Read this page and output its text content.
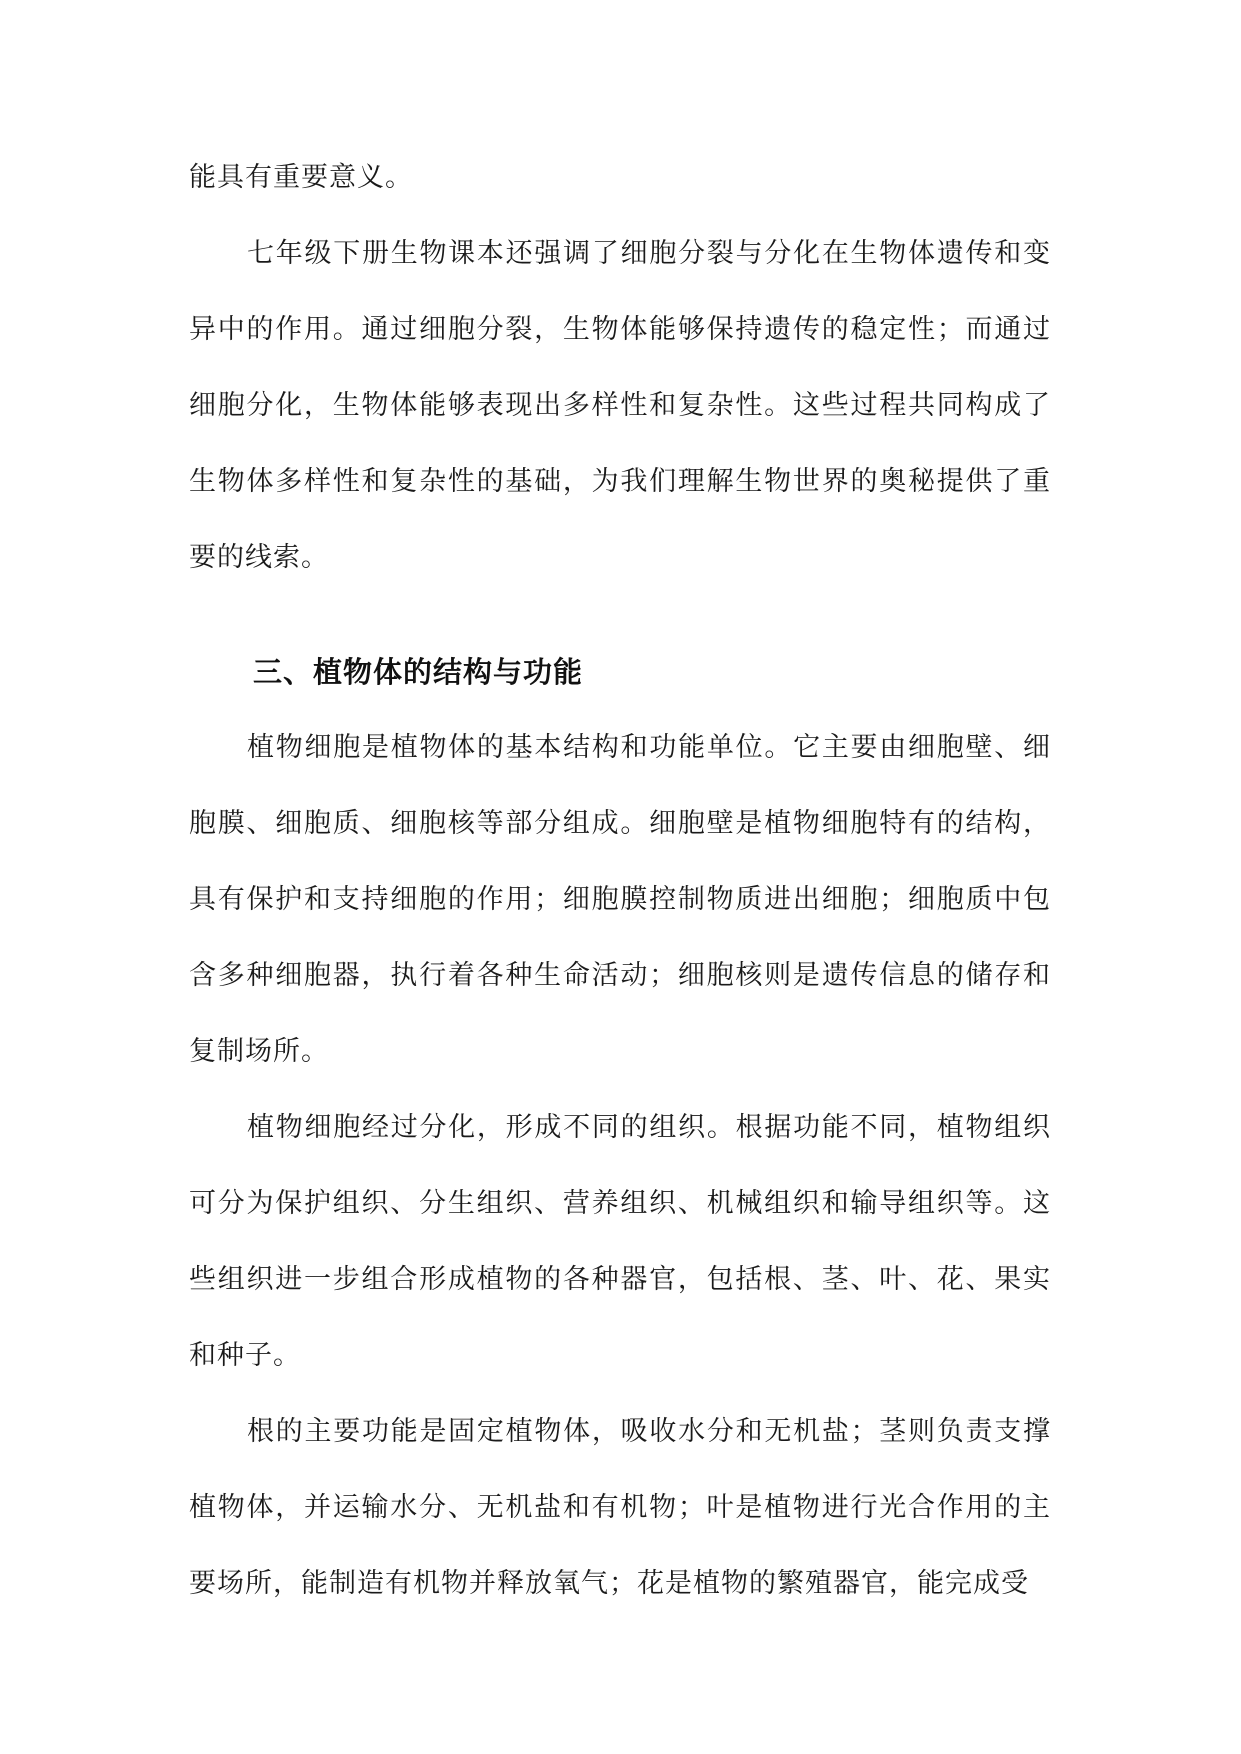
能具有重要意义。

七年级下册生物课本还强调了细胞分裂与分化在生物体遗传和变异中的作用。通过细胞分裂，生物体能够保持遗传的稳定性；而通过细胞分化，生物体能够表现出多样性和复杂性。这些过程共同构成了生物体多样性和复杂性的基础，为我们理解生物世界的奥秘提供了重要的线索。

三、植物体的结构与功能

植物细胞是植物体的基本结构和功能单位。它主要由细胞壁、细胞膜、细胞质、细胞核等部分组成。细胞壁是植物细胞特有的结构，具有保护和支持细胞的作用；细胞膜控制物质进出细胞；细胞质中包含多种细胞器，执行着各种生命活动；细胞核则是遗传信息的储存和复制场所。

植物细胞经过分化，形成不同的组织。根据功能不同，植物组织可分为保护组织、分生组织、营养组织、机械组织和输导组织等。这些组织进一步组合形成植物的各种器官，包括根、茎、叶、花、果实和种子。

根的主要功能是固定植物体，吸收水分和无机盐；茎则负责支撑植物体，并运输水分、无机盐和有机物；叶是植物进行光合作用的主要场所，能制造有机物并释放氧气；花是植物的繁殖器官，能完成受
